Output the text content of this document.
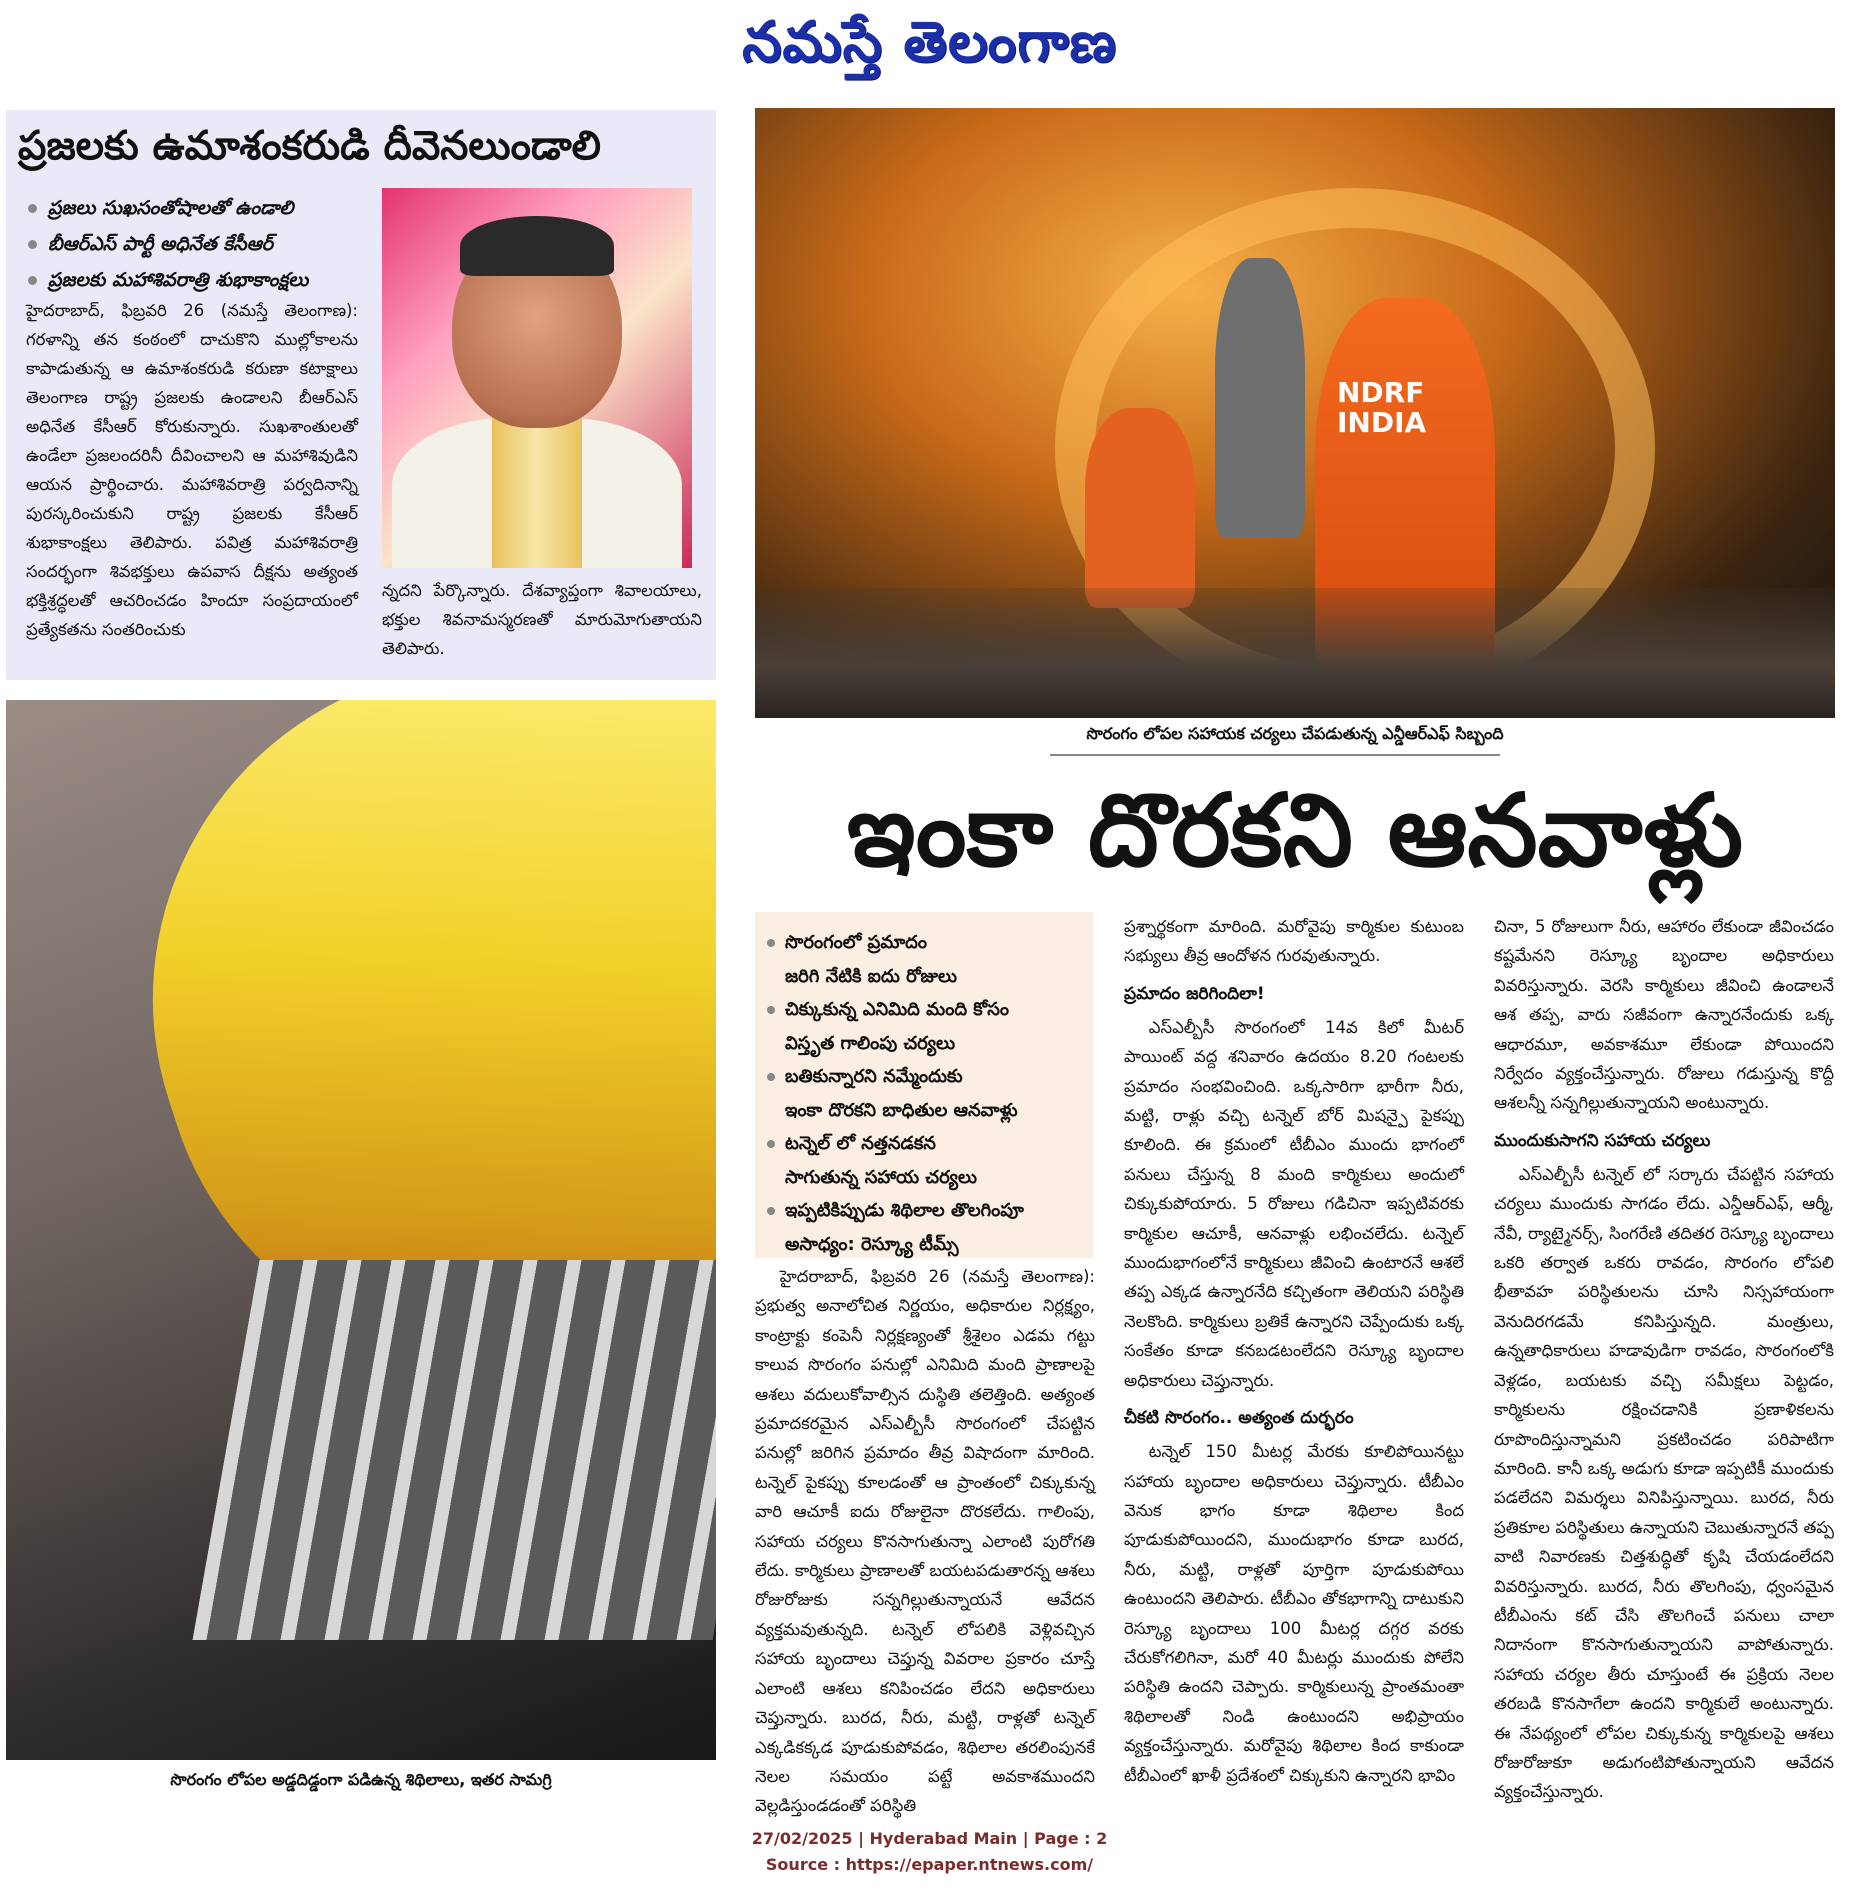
నమస్తే తెలంగాణ
ప్రజలకు ఉమాశంకరుడి దీవెనలుండాలి
ప్రజలు సుఖసంతోషాలతో ఉండాలి
బీఆర్ఎస్ పార్టీ అధినేత కేసీఆర్
ప్రజలకు మహాశివరాత్రి శుభాకాంక్షలు
హైదరాబాద్, ఫిబ్రవరి 26 (నమస్తే తెలంగాణ): గరళాన్ని తన కంఠంలో దాచుకొని ముల్లోకాలను కాపాడుతున్న ఆ ఉమాశంకరుడి కరుణా కటాక్షాలు తెలంగాణ రాష్ట్ర ప్రజలకు ఉండాలని బీఆర్ఎస్ అధినేత కేసీఆర్ కోరుకున్నారు. సుఖశాంతులతో ఉండేలా ప్రజలందరినీ దీవించాలని ఆ మహాశివుడిని ఆయన ప్రార్థించారు. మహాశివరాత్రి పర్వదినాన్ని పురస్కరించుకుని రాష్ట్ర ప్రజలకు కేసీఆర్ శుభాకాంక్షలు తెలిపారు. పవిత్ర మహాశివరాత్రి సందర్భంగా శివభక్తులు ఉపవాస దీక్షను అత్యంత భక్తిశ్రద్ధలతో ఆచరించడం హిందూ సంప్రదాయంలో ప్రత్యేకతను సంతరించుకు
న్నదని పేర్కొన్నారు. దేశవ్యాప్తంగా శివాలయాలు, భక్తుల శివనామస్మరణతో మారుమోగుతాయని తెలిపారు.
NDRF
INDIA
సొరంగం లోపల సహాయక చర్యలు చేపడుతున్న ఎన్డీఆర్ఎఫ్ సిబ్బంది
ఇంకా దొరకని ఆనవాళ్లు
సొరంగం లోపల అడ్డదిడ్డంగా పడిఉన్న శిథిలాలు, ఇతర సామగ్రి
సొరంగంలో ప్రమాదం
జరిగి నేటికి ఐదు రోజులు
చిక్కుకున్న ఎనిమిది మంది కోసం
విస్తృత గాలింపు చర్యలు
బతికున్నారని నమ్మేందుకు
ఇంకా దొరకని బాధితుల ఆనవాళ్లు
టన్నెల్ లో నత్తనడకన
సాగుతున్న సహాయ చర్యలు
ఇప్పటికిప్పుడు శిథిలాల తొలగింపూ
అసాధ్యం: రెస్క్యూ టీమ్స్

హైదరాబాద్, ఫిబ్రవరి 26 (నమస్తే తెలంగాణ): ప్రభుత్వ అనాలోచిత నిర్ణయం, అధికారుల నిర్లక్ష్యం, కాంట్రాక్టు కంపెనీ నిర్లక్షణ్యంతో శ్రీశైలం ఎడమ గట్టు కాలువ సొరంగం పనుల్లో ఎనిమిది మంది ప్రాణాలపై ఆశలు వదులుకోవాల్సిన దుస్థితి తలెత్తింది. అత్యంత ప్రమాదకరమైన ఎస్ఎల్బీసీ సొరంగంలో చేపట్టిన పనుల్లో జరిగిన ప్రమాదం తీవ్ర విషాదంగా మారింది. టన్నెల్ పైకప్పు కూలడంతో ఆ ప్రాంతంలో చిక్కుకున్న వారి ఆచూకీ ఐదు రోజులైనా దొరకలేదు. గాలింపు, సహాయ చర్యలు కొనసాగుతున్నా ఎలాంటి పురోగతి లేదు. కార్మికులు ప్రాణాలతో బయటపడుతారన్న ఆశలు రోజురోజుకు సన్నగిల్లుతున్నాయనే ఆవేదన వ్యక్తమవుతున్నది. టన్నెల్ లోపలికి వెళ్లివచ్చిన సహాయ బృందాలు చెప్తున్న వివరాల ప్రకారం చూస్తే ఎలాంటి ఆశలు కనిపించడం లేదని అధికారులు చెప్తున్నారు. బురద, నీరు, మట్టి, రాళ్లతో టన్నెల్ ఎక్కడికక్కడ పూడుకుపోవడం, శిథిలాల తరలింపునకే నెలల సమయం పట్టే అవకాశముందని వెల్లడిస్తుండడంతో పరిస్థితి

ప్రశ్నార్థకంగా మారింది. మరోవైపు కార్మికుల కుటుంబ సభ్యులు తీవ్ర ఆందోళన గురవుతున్నారు.

ప్రమాదం జరిగిందిలా!

ఎస్ఎల్బీసీ సొరంగంలో 14వ కిలో మీటర్ పాయింట్ వద్ద శనివారం ఉదయం 8.20 గంటలకు ప్రమాదం సంభవించింది. ఒక్కసారిగా భారీగా నీరు, మట్టి, రాళ్లు వచ్చి టన్నెల్ బోర్ మిషన్పై పైకప్పు కూలింది. ఈ క్రమంలో టీబీఎం ముందు భాగంలో పనులు చేస్తున్న 8 మంది కార్మికులు అందులో చిక్కుకుపోయారు. 5 రోజులు గడిచినా ఇప్పటివరకు కార్మికుల ఆచూకీ, ఆనవాళ్లు లభించలేదు. టన్నెల్ ముందుభాగంలోనే కార్మికులు జీవించి ఉంటారనే ఆశలే తప్ప ఎక్కడ ఉన్నారనేది కచ్చితంగా తెలియని పరిస్థితి నెలకొంది. కార్మికులు బ్రతికే ఉన్నారని చెప్పేందుకు ఒక్క సంకేతం కూడా కనబడటంలేదని రెస్క్యూ బృందాల అధికారులు చెప్తున్నారు.

చీకటి సొరంగం.. అత్యంత దుర్భరం

టన్నెల్ 150 మీటర్ల మేరకు కూలిపోయినట్టు సహాయ బృందాల అధికారులు చెప్తున్నారు. టీబీఎం వెనుక భాగం కూడా శిథిలాల కింద పూడుకుపోయిందని, ముందుభాగం కూడా బురద, నీరు, మట్టి, రాళ్లతో పూర్తిగా పూడుకుపోయి ఉంటుందని తెలిపారు. టీబీఎం తోకభాగాన్ని దాటుకుని రెస్క్యూ బృందాలు 100 మీటర్ల దగ్గర వరకు చేరుకోగలిగినా, మరో 40 మీటర్లు ముందుకు పోలేని పరిస్థితి ఉందని చెప్పారు. కార్మికులున్న ప్రాంతమంతా శిథిలాలతో నిండి ఉంటుందని అభిప్రాయం వ్యక్తంచేస్తున్నారు. మరోవైపు శిథిలాల కింద కాకుండా టీబీఎంలో ఖాళీ ప్రదేశంలో చిక్కుకుని ఉన్నారని భావిం

చినా, 5 రోజులుగా నీరు, ఆహారం లేకుండా జీవించడం కష్టమేనని రెస్క్యూ బృందాల అధికారులు వివరిస్తున్నారు. వెరసి కార్మికులు జీవించి ఉండాలనే ఆశ తప్ప, వారు సజీవంగా ఉన్నారనేందుకు ఒక్క ఆధారమూ, అవకాశమూ లేకుండా పోయిందని నిర్వేదం వ్యక్తంచేస్తున్నారు. రోజులు గడుస్తున్న కొద్దీ ఆశలన్నీ సన్నగిల్లుతున్నాయని అంటున్నారు.

ముందుకుసాగని సహాయ చర్యలు

ఎస్ఎల్బీసీ టన్నెల్ లో సర్కారు చేపట్టిన సహాయ చర్యలు ముందుకు సాగడం లేదు. ఎన్డీఆర్ఎఫ్, ఆర్మీ, నేవీ, ర్యాట్మైనర్స్, సింగరేణి తదితర రెస్క్యూ బృందాలు ఒకరి తర్వాత ఒకరు రావడం, సొరంగం లోపలి భీతావహ పరిస్థితులను చూసి నిస్సహాయంగా వెనుదిరగడమే కనిపిస్తున్నది. మంత్రులు, ఉన్నతాధికారులు హడావుడిగా రావడం, సొరంగంలోకి వెళ్లడం, బయటకు వచ్చి సమీక్షలు పెట్టడం, కార్మికులను రక్షించడానికి ప్రణాళికలను రూపొందిస్తున్నామని ప్రకటించడం పరిపాటిగా మారింది. కానీ ఒక్క అడుగు కూడా ఇప్పటికీ ముందుకు పడలేదని విమర్శలు వినిపిస్తున్నాయి. బురద, నీరు ప్రతికూల పరిస్థితులు ఉన్నాయని చెబుతున్నారనే తప్ప వాటి నివారణకు చిత్తశుద్ధితో కృషి చేయడంలేదని వివరిస్తున్నారు. బురద, నీరు తొలగింపు, ధ్వంసమైన టీబీఎంను కట్ చేసి తొలగించే పనులు చాలా నిదానంగా కొనసాగుతున్నాయని వాపోతున్నారు. సహాయ చర్యల తీరు చూస్తుంటే ఈ ప్రక్రియ నెలల తరబడి కొనసాగేలా ఉందని కార్మికులే అంటున్నారు. ఈ నేపథ్యంలో లోపల చిక్కుకున్న కార్మికులపై ఆశలు రోజురోజుకూ అడుగంటిపోతున్నాయని ఆవేదన వ్యక్తంచేస్తున్నారు.

27/02/2025 | Hyderabad Main | Page : 2
Source : https://epaper.ntnews.com/
